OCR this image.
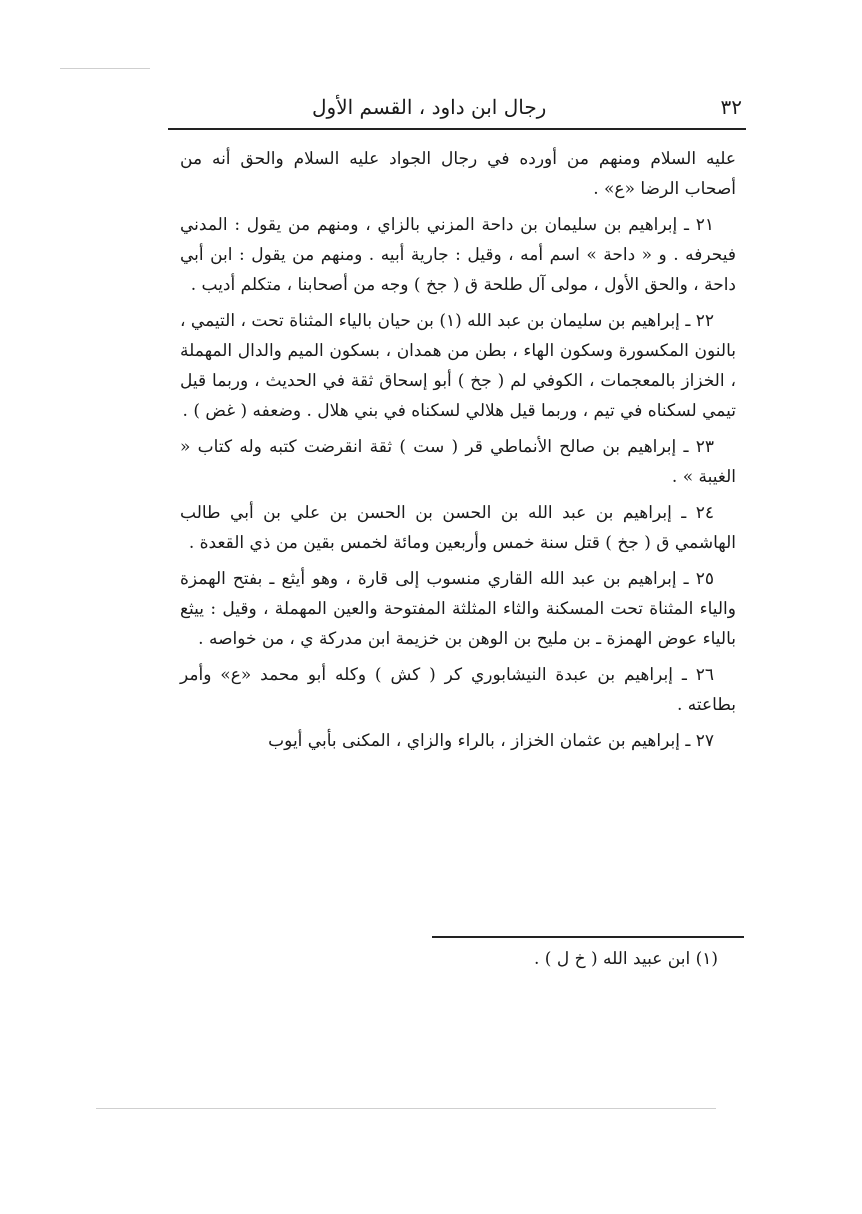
٣٢
رجال ابن داود ، القسم الأول

عليه السلام ومنهم من أورده في رجال الجواد عليه السلام والحق أنه من أصحاب الرضا «ع» .

٢١ ـ إبراهيم بن سليمان بن داحة المزني بالزاي ، ومنهم من يقول : المدني فيحرفه . و « داحة » اسم أمه ، وقيل : جارية أبيه . ومنهم من يقول : ابن أبي داحة ، والحق الأول ، مولى آل طلحة ق ( جخ ) وجه من أصحابنا ، متكلم أديب .

٢٢ ـ إبراهيم بن سليمان بن عبد الله (١) بن حيان بالياء المثناة تحت ، التيمي ، بالنون المكسورة وسكون الهاء ، بطن من همدان ، بسكون الميم والدال المهملة ، الخزاز بالمعجمات ، الكوفي لم ( جخ ) أبو إسحاق ثقة في الحديث ، وربما قيل تيمي لسكناه في تيم ، وربما قيل هلالي لسكناه في بني هلال . وضعفه ( غض ) .

٢٣ ـ إبراهيم بن صالح الأنماطي قر ( ست ) ثقة انقرضت كتبه وله كتاب « الغيبة » .

٢٤ ـ إبراهيم بن عبد الله بن الحسن بن الحسن بن علي بن أبي طالب الهاشمي ق ( جخ ) قتل سنة خمس وأربعين ومائة لخمس بقين من ذي القعدة .

٢٥ ـ إبراهيم بن عبد الله القاري منسوب إلى قارة ، وهو أيثع ـ بفتح الهمزة والياء المثناة تحت المسكنة والثاء المثلثة المفتوحة والعين المهملة ، وقيل : ييثع بالياء عوض الهمزة ـ بن مليح بن الوهن بن خزيمة ابن مدركة ي ، من خواصه .

٢٦ ـ إبراهيم بن عبدة النيشابوري كر ( كش ) وكله أبو محمد «ع» وأمر بطاعته .

٢٧ ـ إبراهيم بن عثمان الخزاز ، بالراء والزاي ، المكنى بأبي أيوب

(١) ابن عبيد الله ( خ ل ) .
